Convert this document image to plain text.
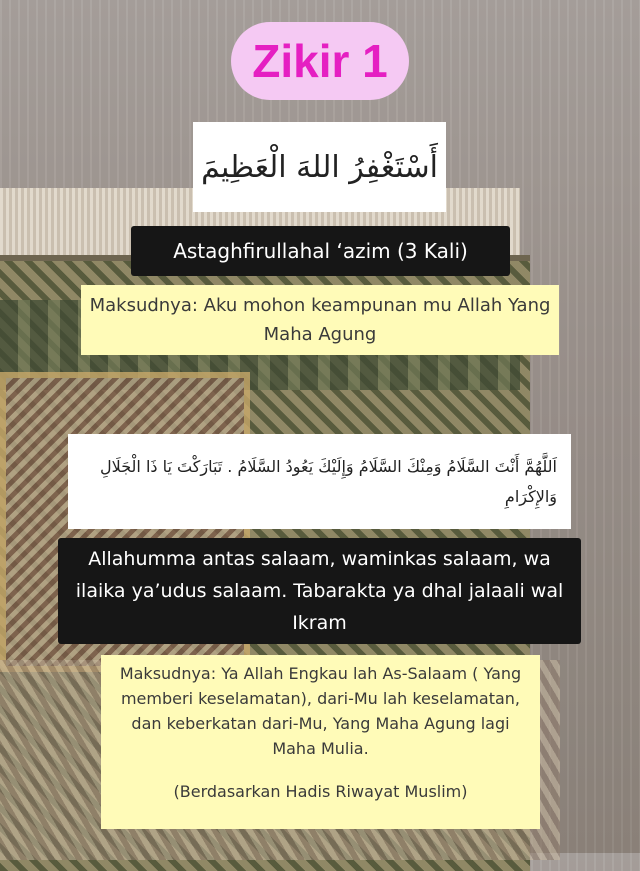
Zikir 1
أَسْتَغْفِرُ اللهَ الْعَظِيمَ
Astaghfirullahal ‘azim (3 Kali)
Maksudnya: Aku mohon keampunan mu Allah Yang Maha Agung
اَللَّهُمَّ أَنْتَ السَّلَامُ وَمِنْكَ السَّلَامُ وَإِلَيْكَ يَعُودُ السَّلَامُ . تَبَارَكْتَ يَا ذَا الْجَلَالِ وَالإِكْرَامِ
Allahumma antas salaam, waminkas salaam, wa ilaika ya’udus salaam. Tabarakta ya dhal jalaali wal Ikram
Maksudnya: Ya Allah Engkau lah As-Salaam ( Yang memberi keselamatan), dari-Mu lah keselamatan, dan keberkatan dari-Mu, Yang Maha Agung lagi Maha Mulia.
(Berdasarkan Hadis Riwayat Muslim)
